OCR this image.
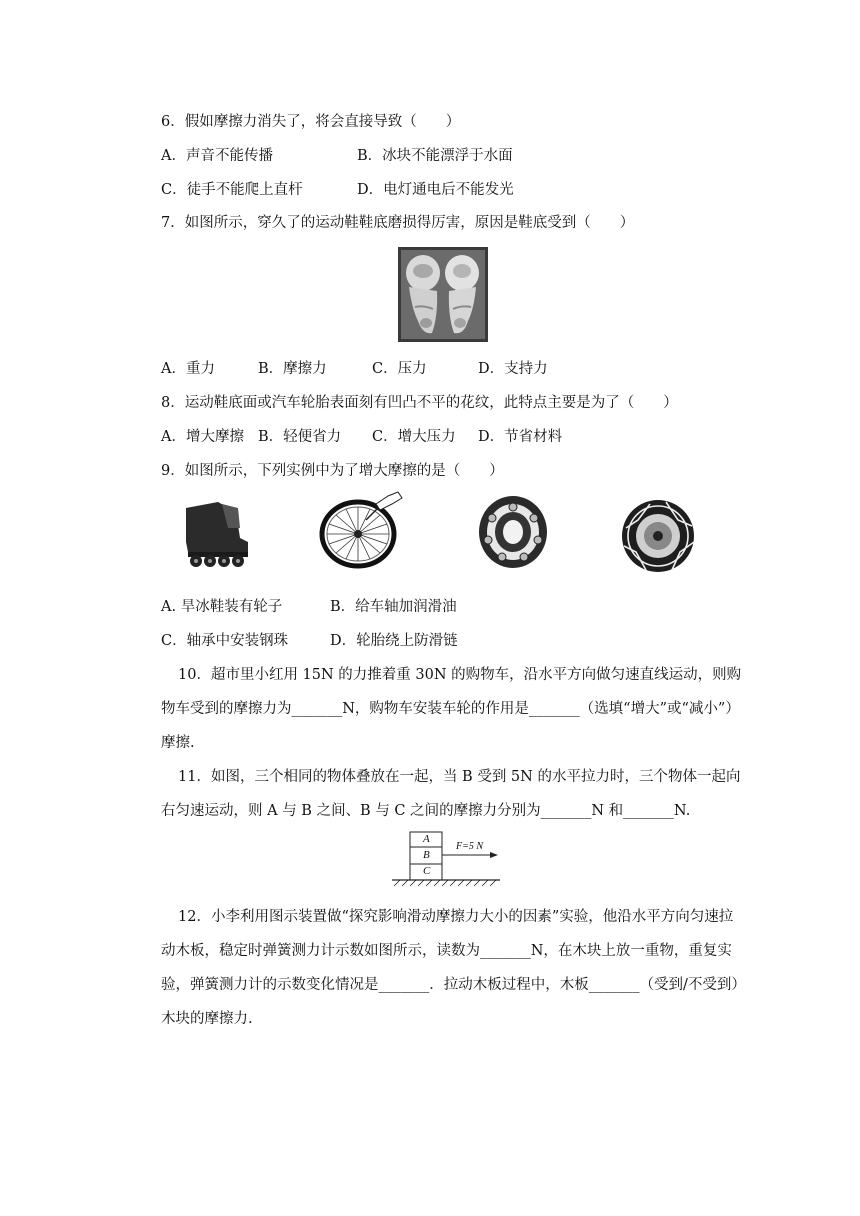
6．假如摩擦力消失了，将会直接导致（　　）
A．声音不能传播	B．冰块不能漂浮于水面
C．徒手不能爬上直杆	D．电灯通电后不能发光
7．如图所示，穿久了的运动鞋鞋底磨损得厉害，原因是鞋底受到（　　）
A．重力	B．摩擦力	C．压力	D．支持力
8．运动鞋底面或汽车轮胎表面刻有凹凸不平的花纹，此特点主要是为了（　　）
A．增大摩擦 B．轻便省力 C．增大压力 D．节省材料
9．如图所示，下列实例中为了增大摩擦的是（　　）
A. 旱冰鞋装有轮子	B．给车轴加润滑油
C．轴承中安装钢珠	D．轮胎绕上防滑链
10．超市里小红用 15N 的力推着重 30N 的购物车，沿水平方向做匀速直线运动，则购
物车受到的摩擦力为_______N，购物车安装车轮的作用是_______（选填“增大”或“减小”）
摩擦.
11．如图，三个相同的物体叠放在一起，当 B 受到 5N 的水平拉力时，三个物体一起向
右匀速运动，则 A 与 B 之间、B 与 C 之间的摩擦力分别为_______N 和_______N.
A
B
C
F=5 N
12．小李利用图示装置做“探究影响滑动摩擦力大小的因素”实验，他沿水平方向匀速拉
动木板，稳定时弹簧测力计示数如图所示，读数为_______N，在木块上放一重物，重复实
验，弹簧测力计的示数变化情况是_______．拉动木板过程中，木板_______（受到/不受到）
木块的摩擦力.
